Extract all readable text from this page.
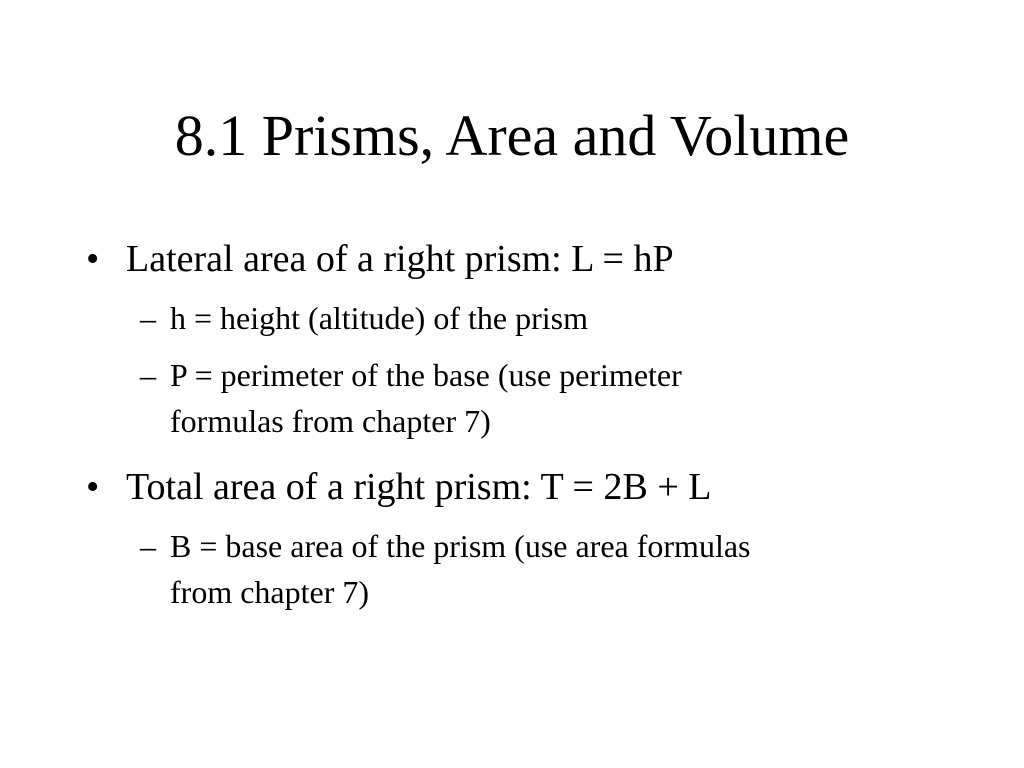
8.1 Prisms, Area and Volume
• Lateral area of a right prism: L = hP
– h = height (altitude) of the prism
– P = perimeter of the base (use perimeter
formulas from chapter 7)
• Total area of a right prism: T = 2B + L
– B = base area of the prism (use area formulas
from chapter 7)
